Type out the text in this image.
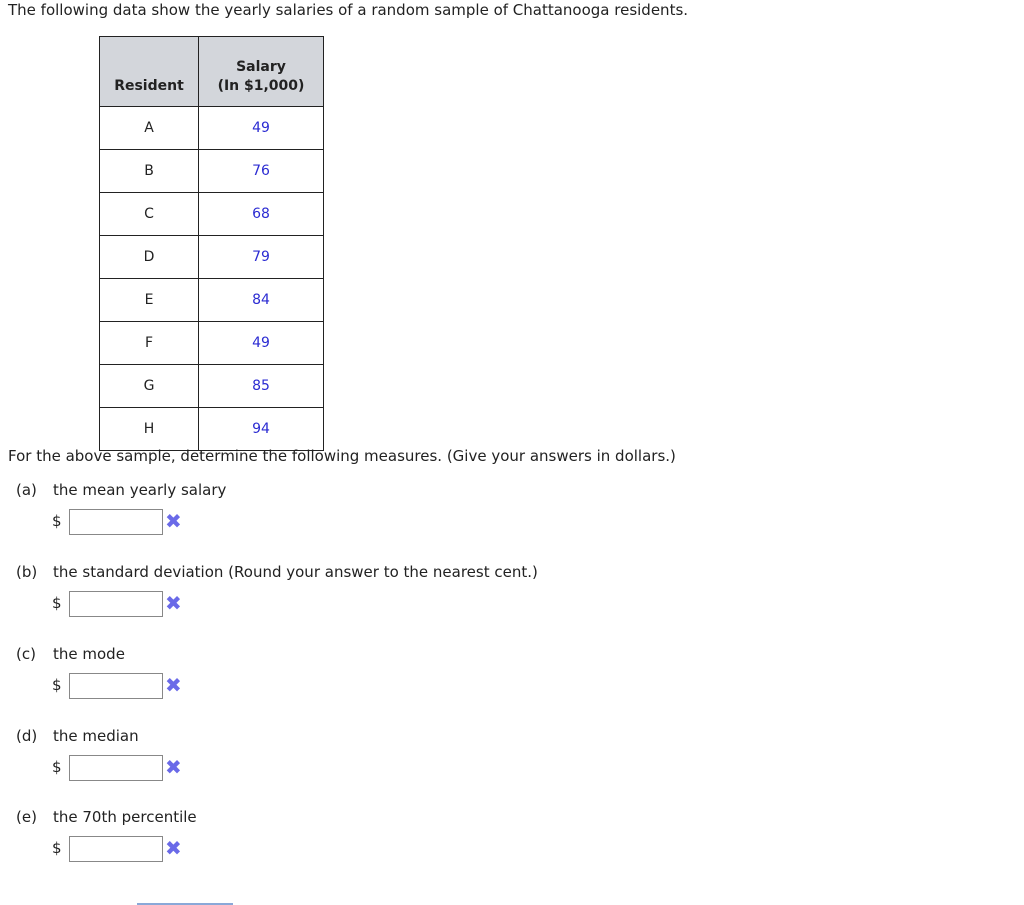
The following data show the yearly salaries of a random sample of Chattanooga residents.
Resident	Salary
(In $1,000)

A	49
B	76
C	68
D	79
E	84
F	49
G	85
H	94
For the above sample, determine the following measures. (Give your answers in dollars.)
(a) the mean yearly salary
$	✖
(b) the standard deviation (Round your answer to the nearest cent.)
$	✖
(c) the mode
$	✖
(d) the median
$	✖
(e) the 70th percentile
$	✖
